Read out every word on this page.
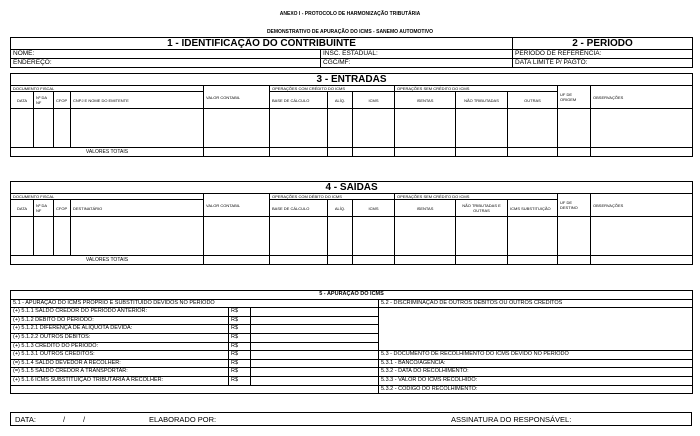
ANEXO I - PROTOCOLO DE HARMONIZAÇÃO TRIBUTÁRIA
DEMONSTRATIVO DE APURAÇÃO DO ICMS - SANEMO AUTOMOTIVO
1 - IDENTIFICAÇÃO DO CONTRIBUINTE		2 - PERÍODO
NOME:	INSC. ESTADUAL:	PERÍODO DE REFERÊNCIA:
ENDEREÇO:	CGC/MF:	DATA LIMITE P/ PAGTO:
3 - ENTRADAS												
DOCUMENTO FISCAL				VALOR CONTABIL	OPERAÇÕES COM CRÉDITO DO ICMS			OPERAÇÕES SEM CRÉDITO DO ICMS			UF DE ORIGEM	OBSERVAÇÕES
DATA	Nº DA NF	CFOP	CNPJ E NOME DO EMITENTE		BASE DE CÁLCULO	ALÍQ.	ICMS	ISENTAS	NÃO TRIBUTADAS	OUTRAS		

VALORES TOTAIS												
4 - SAÍDAS												
DOCUMENTO FISCAL				VALOR CONTABIL	OPERAÇÕES COM DÉBITO DO ICMS			OPERAÇÕES SEM CRÉDITO DO ICMS			UF DE DESTINO	OBSERVAÇÕES
DATA	Nº DA NF	CFOP	DESTINATÁRIO		BASE DE CÁLCULO	ALÍQ.	ICMS	ISENTAS	NÃO TRIBUTADAS E OUTRAS	ICMS SUBSTITUIÇÃO		

VALORES TOTAIS												
5 - APURAÇÃO DO ICMS			
5.1 - APURAÇÃO DO ICMS PRÓPRIO E SUBSTITUÍDO DEVIDOS NO PERÍODO			5.2 - DISCRIMINAÇÃO DE OUTROS DÉBITOS OU OUTROS CRÉDITOS
(+) 5.1.1 SALDO CREDOR DO PERÍODO ANTERIOR:	R$		
(+) 5.1.2 DÉBITO DO PERÍODO:	R$		
(+) 5.1.2.1 DIFERENÇA DE ALÍQUOTA DEVIDA:	R$		
(+) 5.1.2.2 OUTROS DÉBITOS:	R$		
(+) 5.1.3 CRÉDITO DO PERÍODO:	R$		
(+) 5.1.3.1 OUTROS CRÉDITOS:	R$		5.3 - DOCUMENTO DE RECOLHIMENTO DO ICMS DEVIDO NO PERÍODO
(=) 5.1.4 SALDO DEVEDOR A RECOLHER:	R$		5.3.1 - BANCO/AGÊNCIA:
(=) 5.1.5 SALDO CREDOR A TRANSPORTAR:	R$		5.3.2 - DATA DO RECOLHIMENTO:
(+) 5.1.6 ICMS SUBSTITUIÇÃO TRIBUTÁRIA A RECOLHER:	R$		5.3.3 - VALOR DO ICMS RECOLHIDO:
			5.3.2 - CÓDIGO DO RECOLHIMENTO:
DATA:	/ /	ELABORADO POR:	ASSINATURA DO RESPONSÁVEL:
